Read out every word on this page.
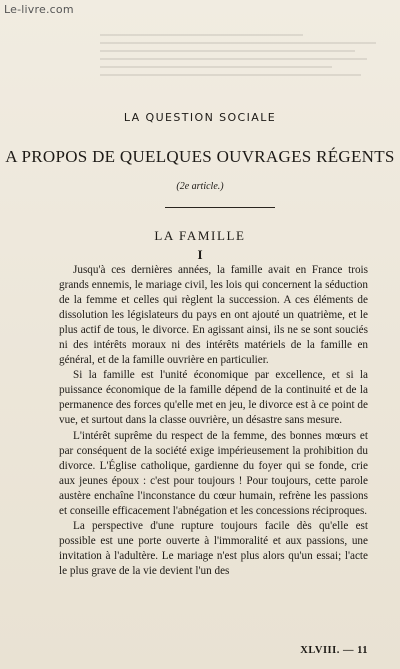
Le-livre.com
LA QUESTION SOCIALE
A PROPOS DE QUELQUES OUVRAGES RÉGENTS
(2e article.)
LA FAMILLE
I

Jusqu'à ces dernières années, la famille avait en France trois grands ennemis, le mariage civil, les lois qui concernent la séduction de la femme et celles qui règlent la succession. A ces éléments de dissolution les législateurs du pays en ont ajouté un quatrième, et le plus actif de tous, le divorce. En agissant ainsi, ils ne se sont souciés ni des intérêts moraux ni des intérêts matériels de la famille en général, et de la famille ouvrière en particulier.

Si la famille est l'unité économique par excellence, et si la puissance économique de la famille dépend de la continuité et de la permanence des forces qu'elle met en jeu, le divorce est à ce point de vue, et surtout dans la classe ouvrière, un désastre sans mesure.

L'intérêt suprême du respect de la femme, des bonnes mœurs et par conséquent de la société exige impérieusement la prohibition du divorce. L'Église catholique, gardienne du foyer qui se fonde, crie aux jeunes époux : c'est pour toujours ! Pour toujours, cette parole austère enchaîne l'inconstance du cœur humain, refrène les passions et conseille efficacement l'abnégation et les concessions réciproques.

La perspective d'une rupture toujours facile dès qu'elle est possible est une porte ouverte à l'immoralité et aux passions, une invitation à l'adultère. Le mariage n'est plus alors qu'un essai; l'acte le plus grave de la vie devient l'un des

XLVIII. — 11
